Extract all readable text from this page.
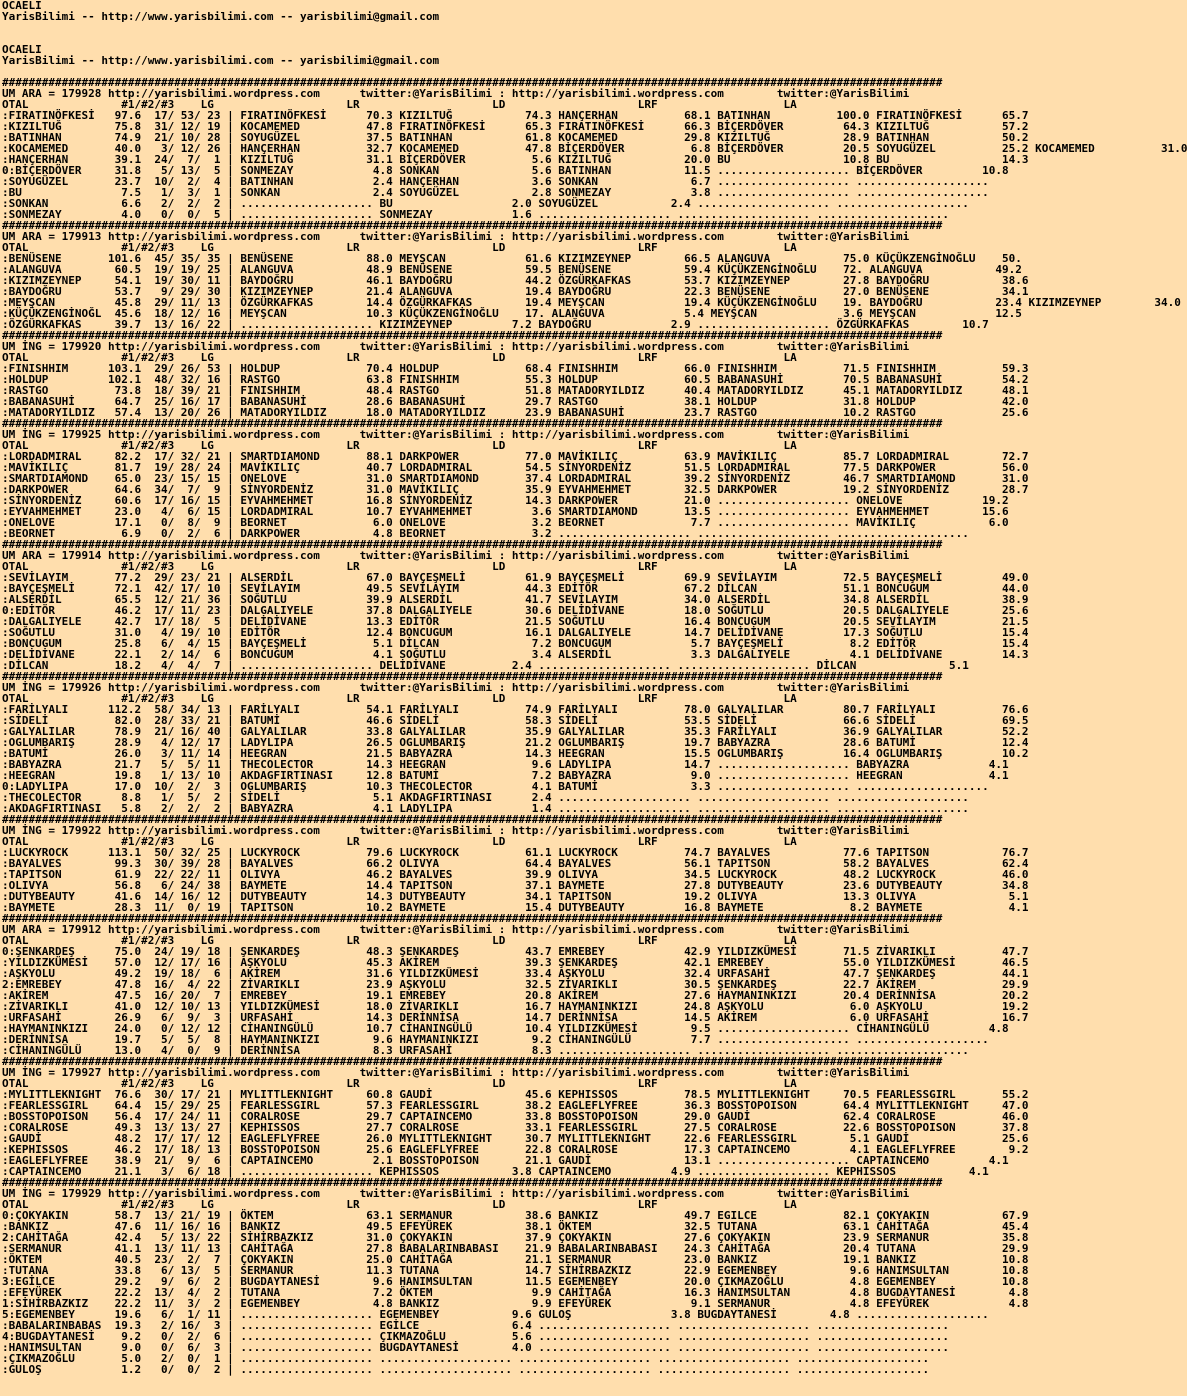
OCAELI
YarisBilimi -- http://www.yarisbilimi.com -- yarisbilimi@gmail.com
OCAELI
YarisBilimi -- http://www.yarisbilimi.com -- yarisbilimi@gmail.com
##############################################################################################################################################
UM ARA = 179928 http://yarisbilimi.wordpress.com      twitter:@YarisBilimi : http://yarisbilimi.wordpress.com        twitter:@YarisBilimi
OTAL              #1/#2/#3    LG                    LR                    LD                    LRF                   LA
:FIRATINÖFKESİ   97.6  17/ 53/ 23 | FIRATINÖFKESİ      70.3 KIZILTUĞ           74.3 HANÇERHAN          68.1 BATINHAN          100.0 FIRATINÖFKESİ      65.7
:KIZILTUĞ        75.8  31/ 12/ 19 | KOCAMEMED          47.8 FIRATINÖFKESİ      65.3 FIRATINÖFKESİ      66.3 BİÇERDÖVER         64.3 KIZILTUĞ           57.2
:BATINHAN        74.9  21/ 10/ 28 | SOYUGÜZEL          37.5 BATINHAN           61.8 KOCAMEMED          29.8 KIZILTUĞ           28.9 BATINHAN           50.2
:KOCAMEMED       40.0   3/ 12/ 26 | HANÇERHAN          32.7 KOCAMEMED          47.8 BİÇERDÖVER          6.8 BİÇERDÖVER         20.5 SOYUGÜZEL          25.2 KOCAMEMED          31.0
:HANÇERHAN       39.1  24/  7/  1 | KIZILTUĞ           31.1 BİÇERDÖVER          5.6 KIZILTUĞ           20.0 BU                 10.8 BU                 14.3
0:BİÇERDÖVER     31.8   5/ 13/  5 | SONMEZAY            4.8 SONKAN              5.6 BATINHAN           11.5 .................... BİÇERDÖVER         10.8
:SOYUGÜZEL       23.7  10/  2/  4 | BATINHAN            2.4 HANÇERHAN           3.6 SONKAN              6.7 .................... ....................
:BU               7.5   1/  3/  1 | SONKAN              2.4 SOYUGÜZEL           2.8 SONMEZAY            3.8 .................... ....................
:SONKAN           6.6   2/  2/  2 | .................... BU                  2.0 SOYUGÜZEL           2.4 .................... ....................
:SONMEZAY         4.0   0/  0/  5 | .................... SONMEZAY            1.6 .................... .................... ....................
##############################################################################################################################################
UM ARA = 179913 http://yarisbilimi.wordpress.com      twitter:@YarisBilimi : http://yarisbilimi.wordpress.com        twitter:@YarisBilimi
OTAL              #1/#2/#3    LG                    LR                    LD                    LRF                   LA
:BENÜSENE       101.6  45/ 35/ 35 | BENÜSENE           88.0 MEYŞCAN            61.6 KIZIMZEYNEP        66.5 ALANGUVA           75.0 KÜÇÜKZENGİNOĞLU    50.
:ALANGUVA        60.5  19/ 19/ 25 | ALANGUVA           48.9 BENÜSENE           59.5 BENÜSENE           59.4 KÜÇÜKZENGİNOĞLU    72. ALANGUVA           49.2
:KIZIMZEYNEP     54.1  19/ 30/ 11 | BAYDOĞRU           46.1 BAYDOĞRU           44.2 ÖZGÜRKAFKAS        53.7 KIZIMZEYNEP        27.8 BAYDOĞRU           38.6
:BAYDOĞRU        53.7   9/ 29/ 30 | KIZIMZEYNEP        21.4 ALANGUVA           19.4 BAYDOĞRU           22.3 BENÜSENE           27.0 BENÜSENE           34.1
:MEYŞCAN         45.8  29/ 11/ 13 | ÖZGÜRKAFKAS        14.4 ÖZGÜRKAFKAS        19.4 MEYŞCAN            19.4 KÜÇÜKZENGİNOĞLU    19. BAYDOĞRU           23.4 KIZIMZEYNEP        34.0
:KÜÇÜKZENGİNOĞL  45.6  18/ 12/ 16 | MEYŞCAN            10.3 KÜÇÜKZENGİNOĞLU    17. ALANGUVA            5.4 MEYŞCAN             3.6 MEYŞCAN            12.5
:ÖZGÜRKAFKAS     39.7  13/ 16/ 22 | .................... KIZIMZEYNEP         7.2 BAYDOĞRU            2.9 .................... ÖZGÜRKAFKAS        10.7
##############################################################################################################################################
UM İNG = 179920 http://yarisbilimi.wordpress.com      twitter:@YarisBilimi : http://yarisbilimi.wordpress.com        twitter:@YarisBilimi
OTAL              #1/#2/#3    LG                    LR                    LD                    LRF                   LA
:FINISHHIM      103.1  29/ 26/ 53 | HOLDUP             70.4 HOLDUP             68.4 FINISHHIM          66.0 FINISHHIM          71.5 FINISHHIM          59.3
:HOLDUP         102.1  48/ 32/ 16 | RASTGO             63.8 FINISHHIM          55.3 HOLDUP             60.5 BABANASUHİ         70.5 BABANASUHİ         54.2
:RASTGO          73.8  18/ 39/ 21 | FINISHHIM          48.4 RASTGO             51.8 MATADORYILDIZ      40.4 MATADORYILDIZ      45.1 MATADORYILDIZ      48.1
:BABANASUHİ      64.7  25/ 16/ 17 | BABANASUHİ         28.6 BABANASUHİ         29.7 RASTGO             38.1 HOLDUP             31.8 HOLDUP             42.0
:MATADORYILDIZ   57.4  13/ 20/ 26 | MATADORYILDIZ      18.0 MATADORYILDIZ      23.9 BABANASUHİ         23.7 RASTGO             10.2 RASTGO             25.6
##############################################################################################################################################
UM İNG = 179925 http://yarisbilimi.wordpress.com      twitter:@YarisBilimi : http://yarisbilimi.wordpress.com        twitter:@YarisBilimi
OTAL              #1/#2/#3    LG                    LR                    LD                    LRF                   LA
:LORDADMIRAL     82.2  17/ 32/ 21 | SMARTDIAMOND       88.1 DARKPOWER          77.0 MAVİKILIÇ          63.9 MAVİKILIÇ          85.7 LORDADMIRAL        72.7
:MAVİKILIÇ       81.7  19/ 28/ 24 | MAVİKILIÇ          40.7 LORDADMIRAL        54.5 SİNYORDENİZ        51.5 LORDADMIRAL        77.5 DARKPOWER          56.0
:SMARTDIAMOND    65.0  23/ 15/ 15 | ONELOVE            31.0 SMARTDIAMOND       37.4 LORDADMIRAL        39.2 SİNYORDENİZ        46.7 SMARTDIAMOND       31.0
:DARKPOWER       64.6  34/  7/  9 | SİNYORDENİZ        31.0 MAVİKILIÇ          35.9 EYVAHMEHMET        32.5 DARKPOWER          19.2 SİNYORDENİZ        28.7
:SİNYORDENİZ     60.6  17/ 16/ 15 | EYVAHMEHMET        16.8 SİNYORDENİZ        14.3 DARKPOWER          21.0 .................... ONELOVE            19.2
:EYVAHMEHMET     23.0   4/  6/ 15 | LORDADMIRAL        10.7 EYVAHMEHMET         3.6 SMARTDIAMOND       13.5 .................... EYVAHMEHMET        15.6
:ONELOVE         17.1   0/  8/  9 | BEORNET             6.0 ONELOVE             3.2 BEORNET             7.7 .................... MAVİKILIÇ           6.0
:BEORNET          6.9   0/  2/  6 | DARKPOWER           4.8 BEORNET             3.2 .................... .................... ....................
##############################################################################################################################################
UM ARA = 179914 http://yarisbilimi.wordpress.com      twitter:@YarisBilimi : http://yarisbilimi.wordpress.com        twitter:@YarisBilimi
OTAL              #1/#2/#3    LG                    LR                    LD                    LRF                   LA
:SEVİLAYIM       77.2  29/ 23/ 21 | ALSERDİL           67.0 BAYÇEŞMELİ         61.9 BAYÇEŞMELİ         69.9 SEVİLAYIM          72.5 BAYÇEŞMELİ         49.0
:BAYÇEŞMELİ      72.1  42/ 17/ 10 | SEVİLAYIM          49.5 SEVİLAYIM          44.3 EDİTÖR             67.2 DİLCAN             51.1 BONCUGUM           44.0
:ALSERDİL        65.5  12/ 21/ 36 | SOĞUTLU            39.9 ALSERDİL           41.7 SEVİLAYIM          34.0 ALSERDİL           34.8 ALSERDİL           38.9
0:EDİTÖR         46.2  17/ 11/ 23 | DALGALIYELE        37.8 DALGALIYELE        30.6 DELİDİVANE         18.0 SOĞUTLU            20.5 DALGALIYELE        25.6
:DALGALIYELE     42.7  17/ 18/  5 | DELİDİVANE         13.3 EDİTÖR             21.5 SOĞUTLU            16.4 BONCUGUM           20.5 SEVİLAYIM          21.5
:SOĞUTLU         31.0   4/ 19/ 10 | EDİTÖR             12.4 BONCUGUM           16.1 DALGALIYELE        14.7 DELİDİVANE         17.3 SOĞUTLU            15.4
:BONCUGUM        25.8   6/  4/ 15 | BAYÇEŞMELİ          5.1 DİLCAN              7.2 BONCUGUM            5.7 BAYÇEŞMELİ          8.2 EDİTÖR             15.4
:DELİDİVANE      22.1   2/ 14/  6 | BONCUGUM            4.1 SOĞUTLU             3.4 ALSERDİL            3.3 DALGALIYELE         4.1 DELİDİVANE         14.3
:DİLCAN          18.2   4/  4/  7 | .................... DELİDİVANE          2.4 .................... .................... DİLCAN              5.1
##############################################################################################################################################
UM İNG = 179926 http://yarisbilimi.wordpress.com      twitter:@YarisBilimi : http://yarisbilimi.wordpress.com        twitter:@YarisBilimi
OTAL              #1/#2/#3    LG                    LR                    LD                    LRF                   LA
:FARİLYALI      112.2  58/ 34/ 13 | FARİLYALI          54.1 FARİLYALI          74.9 FARİLYALI          78.0 GALYALILAR         80.7 FARİLYALI          76.6
:SİDELİ          82.0  28/ 33/ 21 | BATUMİ             46.6 SİDELİ             58.3 SİDELİ             53.5 SİDELİ             66.6 SİDELİ             69.5
:GALYALILAR      78.9  21/ 16/ 40 | GALYALILAR         33.8 GALYALILAR         35.9 GALYALILAR         35.3 FARİLYALI          36.9 GALYALILAR         52.2
:OGLUMBARIŞ      28.9   4/ 12/ 17 | LADYLIPA           26.5 OGLUMBARIŞ         21.2 OGLUMBARIŞ         19.7 BABYAZRA           28.6 BATUMİ             12.4
:BATUMİ          26.0   3/ 11/ 14 | HEEGRAN            21.5 BABYAZRA           14.3 HEEGRAN            15.5 OGLUMBARIŞ         16.4 OGLUMBARIŞ         10.2
:BABYAZRA        21.7   5/  5/ 11 | THECOLECTOR        14.3 HEEGRAN             9.6 LADYLIPA           14.7 .................... BABYAZRA            4.1
:HEEGRAN         19.8   1/ 13/ 10 | AKDAGFIRTINASI     12.8 BATUMİ              7.2 BABYAZRA            9.0 .................... HEEGRAN             4.1
0:LADYLIPA       17.0  10/  2/  3 | OGLUMBARIŞ         10.3 THECOLECTOR         4.1 BATUMİ              3.3 .................... ....................
:THECOLECTOR      8.8   1/  5/  2 | SİDELİ              5.1 AKDAGFIRTINASI      2.4 .................... .................... ....................
:AKDAGFIRTINASI   5.8   2/  2/  2 | BABYAZRA            4.1 LADYLIPA            1.4 .................... .................... ....................
##############################################################################################################################################
UM İNG = 179922 http://yarisbilimi.wordpress.com      twitter:@YarisBilimi : http://yarisbilimi.wordpress.com        twitter:@YarisBilimi
OTAL              #1/#2/#3    LG                    LR                    LD                    LRF                   LA
:LUCKYROCK      113.1  50/ 32/ 25 | LUCKYROCK          79.6 LUCKYROCK          61.1 LUCKYROCK          74.7 BAYALVES           77.6 TAPITSON           76.7
:BAYALVES        99.3  30/ 39/ 28 | BAYALVES           66.2 OLIVYA             64.4 BAYALVES           56.1 TAPITSON           58.2 BAYALVES           62.4
:TAPITSON        61.9  22/ 22/ 11 | OLIVYA             46.2 BAYALVES           39.9 OLIVYA             34.5 LUCKYROCK          48.2 LUCKYROCK          46.0
:OLIVYA          56.8   6/ 24/ 38 | BAYMETE            14.4 TAPITSON           37.1 BAYMETE            27.8 DUTYBEAUTY         23.6 DUTYBEAUTY         34.8
:DUTYBEAUTY      41.6  14/ 16/ 12 | DUTYBEAUTY         14.3 DUTYBEAUTY         34.1 TAPITSON           19.2 OLIVYA             13.3 OLIVYA              5.1
:BAYMETE         28.3  11/  0/ 19 | TAPITSON           10.2 BAYMETE            15.4 DUTYBEAUTY         16.8 BAYMETE             8.2 BAYMETE             4.1
##############################################################################################################################################
UM ARA = 179912 http://yarisbilimi.wordpress.com      twitter:@YarisBilimi : http://yarisbilimi.wordpress.com        twitter:@YarisBilimi
OTAL              #1/#2/#3    LG                    LR                    LD                    LRF                   LA
0:ŞENKARDEŞ      75.0  24/ 19/ 18 | ŞENKARDEŞ          48.3 ŞENKARDEŞ          43.7 EMREBEY            42.9 YILDIZKÜMESİ       71.5 ZİVARIKLI          47.7
:YILDIZKÜMESİ    57.0  12/ 17/ 16 | AŞKYOLU            45.3 AKİREM             39.3 ŞENKARDEŞ          42.1 EMREBEY            55.0 YILDIZKÜMESİ       46.5
:AŞKYOLU         49.2  19/ 18/  6 | AKİREM             31.6 YILDIZKÜMESİ       33.4 AŞKYOLU            32.4 URFASAHİ           47.7 ŞENKARDEŞ          44.1
2:EMREBEY        47.8  16/  4/ 22 | ZİVARIKLI          23.9 AŞKYOLU            32.5 ZİVARIKLI          30.5 ŞENKARDEŞ          22.7 AKİREM             29.9
:AKİREM          47.5  16/ 20/  7 | EMREBEY            19.1 EMREBEY            20.8 AKİREM             27.6 HAYMANINKIZI       20.4 DERİNNİSA          20.2
:ZİVARIKLI       41.0  12/ 10/ 13 | YILDIZKÜMESİ       18.0 ZİVARIKLI          16.7 HAYMANINKIZI       24.8 AŞKYOLU             6.0 AŞKYOLU            19.2
:URFASAHİ        26.9   6/  9/  3 | URFASAHİ           14.3 DERİNNİSA          14.7 DERİNNİSA          14.5 AKİREM              6.0 URFASAHİ           16.7
:HAYMANINKIZI    24.0   0/ 12/ 12 | CİHANINGÜLÜ        10.7 CİHANINGÜLÜ        10.4 YILDIZKÜMESİ        9.5 .................... CİHANINGÜLÜ         4.8
:DERİNNİSA       19.7   5/  5/  8 | HAYMANINKIZI        9.6 HAYMANINKIZI        9.2 CİHANINGÜLÜ         7.7 .................... ....................
:CİHANINGÜLÜ     13.0   4/  0/  9 | DERİNNİSA           8.3 URFASAHİ            8.3 .................... .................... ....................
##############################################################################################################################################
UM İNG = 179927 http://yarisbilimi.wordpress.com      twitter:@YarisBilimi : http://yarisbilimi.wordpress.com        twitter:@YarisBilimi
OTAL              #1/#2/#3    LG                    LR                    LD                    LRF                   LA
:MYLITTLEKNIGHT  76.6  30/ 17/ 21 | MYLITTLEKNIGHT     60.8 GAUDİ              45.6 KEPHISSOS          78.5 MYLITTLEKNIGHT     70.5 FEARLESSGIRL       55.2
:FEARLESSGIRL    64.4  15/ 29/ 25 | FEARLESSGIRL       57.3 FEARLESSGIRL       38.2 EAGLEFLYFREE       36.3 BOSSTOPOISON       64.4 MYLITTLEKNIGHT     47.0
:BOSSTOPOISON    56.4  17/ 24/ 11 | CORALROSE          29.7 CAPTAINCEMO        33.8 BOSSTOPOISON       29.0 GAUDİ              62.4 CORALROSE          46.0
:CORALROSE       49.3  13/ 13/ 27 | KEPHISSOS          27.7 CORALROSE          33.1 FEARLESSGIRL       27.5 CORALROSE          22.6 BOSSTOPOISON       37.8
:GAUDİ           48.2  17/ 17/ 12 | EAGLEFLYFREE       26.0 MYLITTLEKNIGHT     30.7 MYLITTLEKNIGHT     22.6 FEARLESSGIRL        5.1 GAUDİ              25.6
:KEPHISSOS       46.2  17/ 18/ 13 | BOSSTOPOISON       25.6 EAGLEFLYFREE       22.8 CORALROSE          17.3 CAPTAINCEMO         4.1 EAGLEFLYFREE        9.2
:EAGLEFLYFREE    38.9  21/  9/  6 | CAPTAINCEMO         2.1 BOSSTOPOISON       21.1 GAUDİ              13.1 .................... CAPTAINCEMO         4.1
:CAPTAINCEMO     21.1   3/  6/ 18 | .................... KEPHISSOS           3.8 CAPTAINCEMO         4.9 .................... KEPHISSOS           4.1
##############################################################################################################################################
UM İNG = 179929 http://yarisbilimi.wordpress.com      twitter:@YarisBilimi : http://yarisbilimi.wordpress.com        twitter:@YarisBilimi
OTAL              #1/#2/#3    LG                    LR                    LD                    LRF                   LA
0:ÇOKYAKIN       58.7  13/ 21/ 19 | ÖKTEM              63.1 SERMANUR           38.6 BANKIZ             49.7 EGILCE             82.1 ÇOKYAKIN           67.9
:BANKIZ          47.6  11/ 16/ 16 | BANKIZ             49.5 EFEYÜREK           38.1 ÖKTEM              32.5 TUTANA             63.1 CAHİTAĞA           45.4
2:CAHİTAĞA       42.4   5/ 13/ 22 | SİHİRBAZKIZ        31.0 ÇOKYAKIN           37.9 ÇOKYAKIN           27.6 ÇOKYAKIN           23.9 SERMANUR           35.8
:SERMANUR        41.1  13/ 11/ 13 | CAHİTAĞA           27.8 BABALARINBABASI    21.9 BABALARINBABASI    24.3 CAHİTAĞA           20.4 TUTANA             29.9
:ÖKTEM           40.5  23/  2/  7 | ÇOKYAKIN           25.0 CAHİTAĞA           21.1 SERMANUR           23.0 BANKIZ             19.1 BANKIZ             10.8
:TUTANA          33.8   6/ 13/  5 | SERMANUR           11.3 TUTANA             14.7 SİHİRBAZKIZ        22.9 EGEMENBEY           9.6 HANIMSULTAN        10.8
3:EGİLCE         29.2   9/  6/  2 | BUGDAYTANESİ        9.6 HANIMSULTAN        11.5 EGEMENBEY          20.0 ÇIKMAZOĞLU          4.8 EGEMENBEY          10.8
:EFEYÜREK        22.2  13/  4/  2 | TUTANA              7.2 ÖKTEM               9.9 CAHİTAĞA           16.3 HANIMSULTAN         4.8 BUGDAYTANESİ        4.8
1:SİHİRBAZKIZ    22.2  11/  3/  2 | EGEMENBEY           4.8 BANKIZ              9.9 EFEYÜREK            9.1 SERMANUR            4.8 EFEYÜREK            4.8
5:EGEMENBEY      19.6   6/  1/ 11 | .................... EGEMENBEY           9.6 GULOŞ               3.8 BUGDAYTANESİ        4.8 ....................
:BABALARINBABAS  19.3   2/ 16/  3 | .................... EGİLCE              6.4 .................... .................... ....................
4:BUGDAYTANESİ    9.2   0/  2/  6 | .................... ÇIKMAZOĞLU          5.6 .................... .................... ....................
:HANIMSULTAN      9.0   0/  6/  3 | .................... BUGDAYTANESİ        4.0 .................... .................... ....................
:ÇIKMAZOĞLU       5.0   2/  0/  1 | .................... .................... .................... .................... ....................
:GULOŞ            1.2   0/  0/  2 | .................... .................... .................... .................... ....................
